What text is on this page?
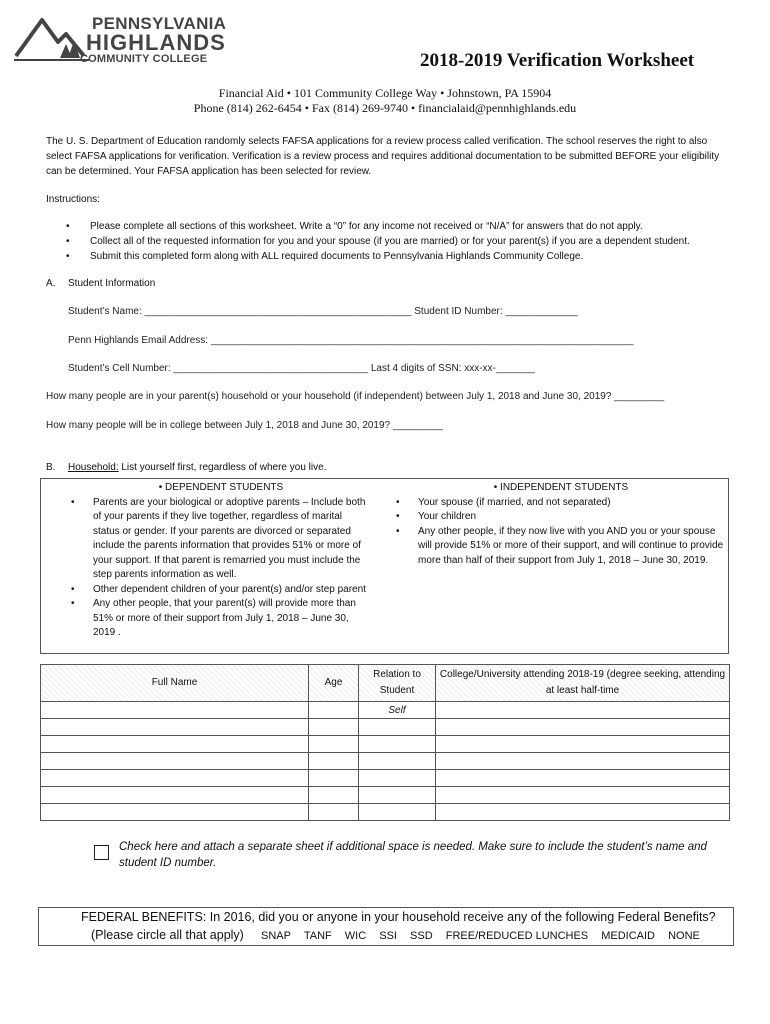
PENNSYLVANIA
HIGHLANDS
COMMUNITY COLLEGE	2018-2019 Verification Worksheet
Financial Aid • 101 Community College Way • Johnstown, PA 15904
Phone (814) 262-6454 • Fax (814) 269-9740 • financialaid@pennhighlands.edu
The U. S. Department of Education randomly selects FAFSA applications for a review process called verification. The school reserves the right to also select FAFSA applications for verification. Verification is a review process and requires additional documentation to be submitted BEFORE your eligibility can be determined. Your FAFSA application has been selected for review.
Instructions:
• Please complete all sections of this worksheet. Write a “0” for any income not received or “N/A” for answers that do not apply.
• Collect all of the requested information for you and your spouse (if you are married) or for your parent(s) if you are a dependent student.
• Submit this completed form along with ALL required documents to Pennsylvania Highlands Community College.
A. Student Information
Student’s Name: ________________________________________________ Student ID Number: _____________
Penn Highlands Email Address: ____________________________________________________________________________
Student’s Cell Number: ___________________________________ Last 4 digits of SSN: xxx-xx-_______
How many people are in your parent(s) household or your household (if independent) between July 1, 2018 and June 30, 2019? _________
How many people will be in college between July 1, 2018 and June 30, 2019? _________
B. Household: List yourself first, regardless of where you live.
• DEPENDENT STUDENTS
• Parents are your biological or adoptive parents – Include both of your parents if they live together, regardless of marital status or gender. If your parents are divorced or separated include the parents information that provides 51% or more of your support. If that parent is remarried you must include the step parents information as well.
• Other dependent children of your parent(s) and/or step parent
• Any other people, that your parent(s) will provide more than 51% or more of their support from July 1, 2018 – June 30, 2019 .
• INDEPENDENT STUDENTS
• Your spouse (if married, and not separated)
• Your children
• Any other people, if they now live with you AND you or your spouse will provide 51% or more of their support, and will continue to provide more than half of their support from July 1, 2018 – June 30, 2019.
Full Name	Age	Relation to Student	College/University attending 2018-19 (degree seeking, attending at least half-time
		Self	

Check here and attach a separate sheet if additional space is needed. Make sure to include the student’s name and student ID number.
FEDERAL BENEFITS: In 2016, did you or anyone in your household receive any of the following Federal Benefits?
(Please circle all that apply) SNAP TANF WIC SSI SSD FREE/REDUCED LUNCHES MEDICAID NONE
